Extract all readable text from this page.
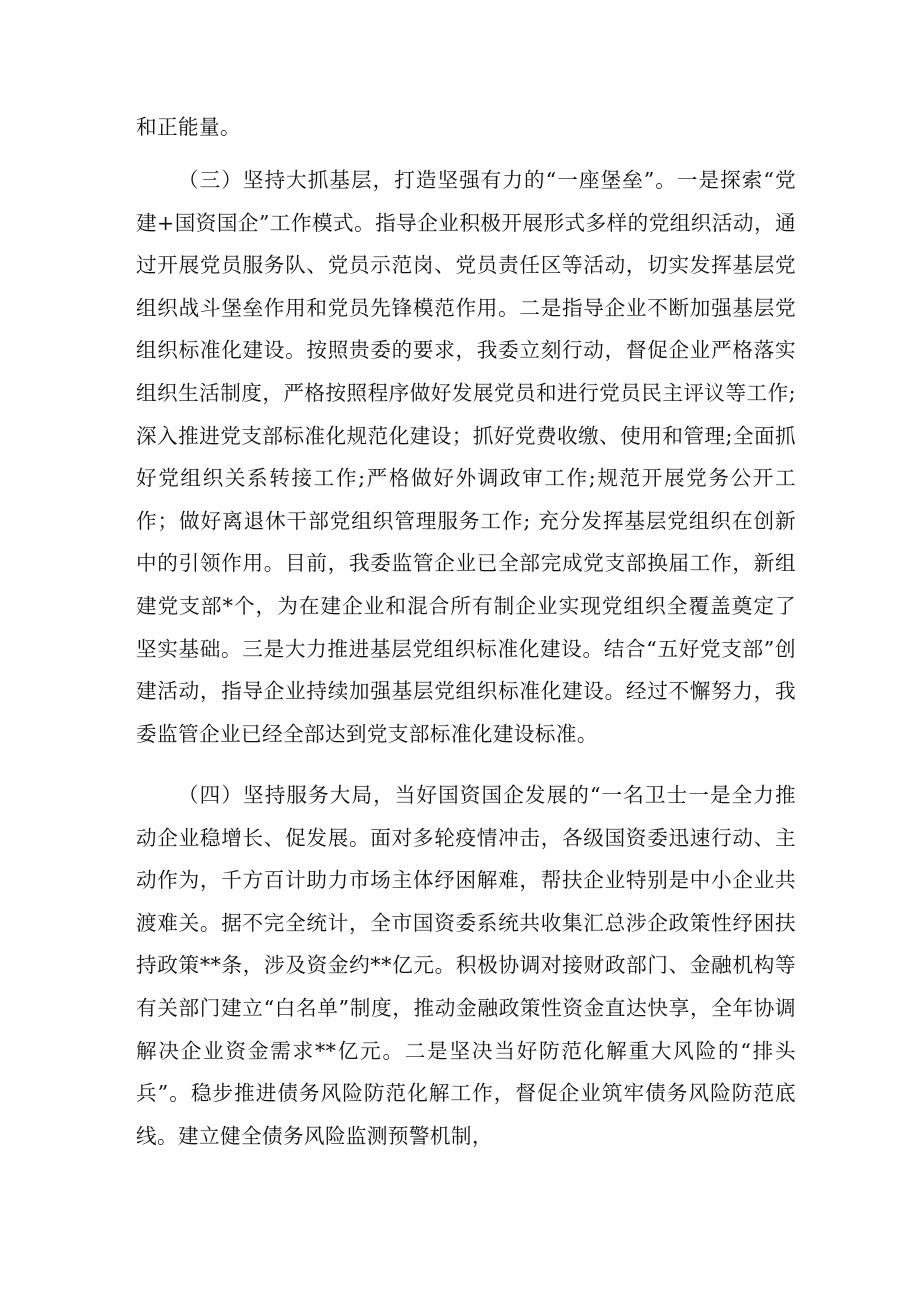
和正能量。
（三）坚持大抓基层，打造坚强有力的“一座堡垒”。一是探索“党建+国资国企”工作模式。指导企业积极开展形式多样的党组织活动，通过开展党员服务队、党员示范岗、党员责任区等活动，切实发挥基层党组织战斗堡垒作用和党员先锋模范作用。二是指导企业不断加强基层党组织标准化建设。按照贵委的要求，我委立刻行动，督促企业严格落实组织生活制度，严格按照程序做好发展党员和进行党员民主评议等工作; 深入推进党支部标准化规范化建设；抓好党费收缴、使用和管理;全面抓好党组织关系转接工作;严格做好外调政审工作;规范开展党务公开工作；做好离退休干部党组织管理服务工作; 充分发挥基层党组织在创新中的引领作用。目前，我委监管企业已全部完成党支部换届工作，新组建党支部*个，为在建企业和混合所有制企业实现党组织全覆盖奠定了坚实基础。三是大力推进基层党组织标准化建设。结合“五好党支部”创建活动，指导企业持续加强基层党组织标准化建设。经过不懈努力，我委监管企业已经全部达到党支部标准化建设标准。
（四）坚持服务大局，当好国资国企发展的“一名卫士一是全力推动企业稳增长、促发展。面对多轮疫情冲击，各级国资委迅速行动、主动作为，千方百计助力市场主体纾困解难，帮扶企业特别是中小企业共渡难关。据不完全统计，全市国资委系统共收集汇总涉企政策性纾困扶持政策**条，涉及资金约**亿元。积极协调对接财政部门、金融机构等有关部门建立“白名单”制度，推动金融政策性资金直达快享，全年协调解决企业资金需求**亿元。二是坚决当好防范化解重大风险的“排头兵”。稳步推进债务风险防范化解工作，督促企业筑牢债务风险防范底线。建立健全债务风险监测预警机制，
